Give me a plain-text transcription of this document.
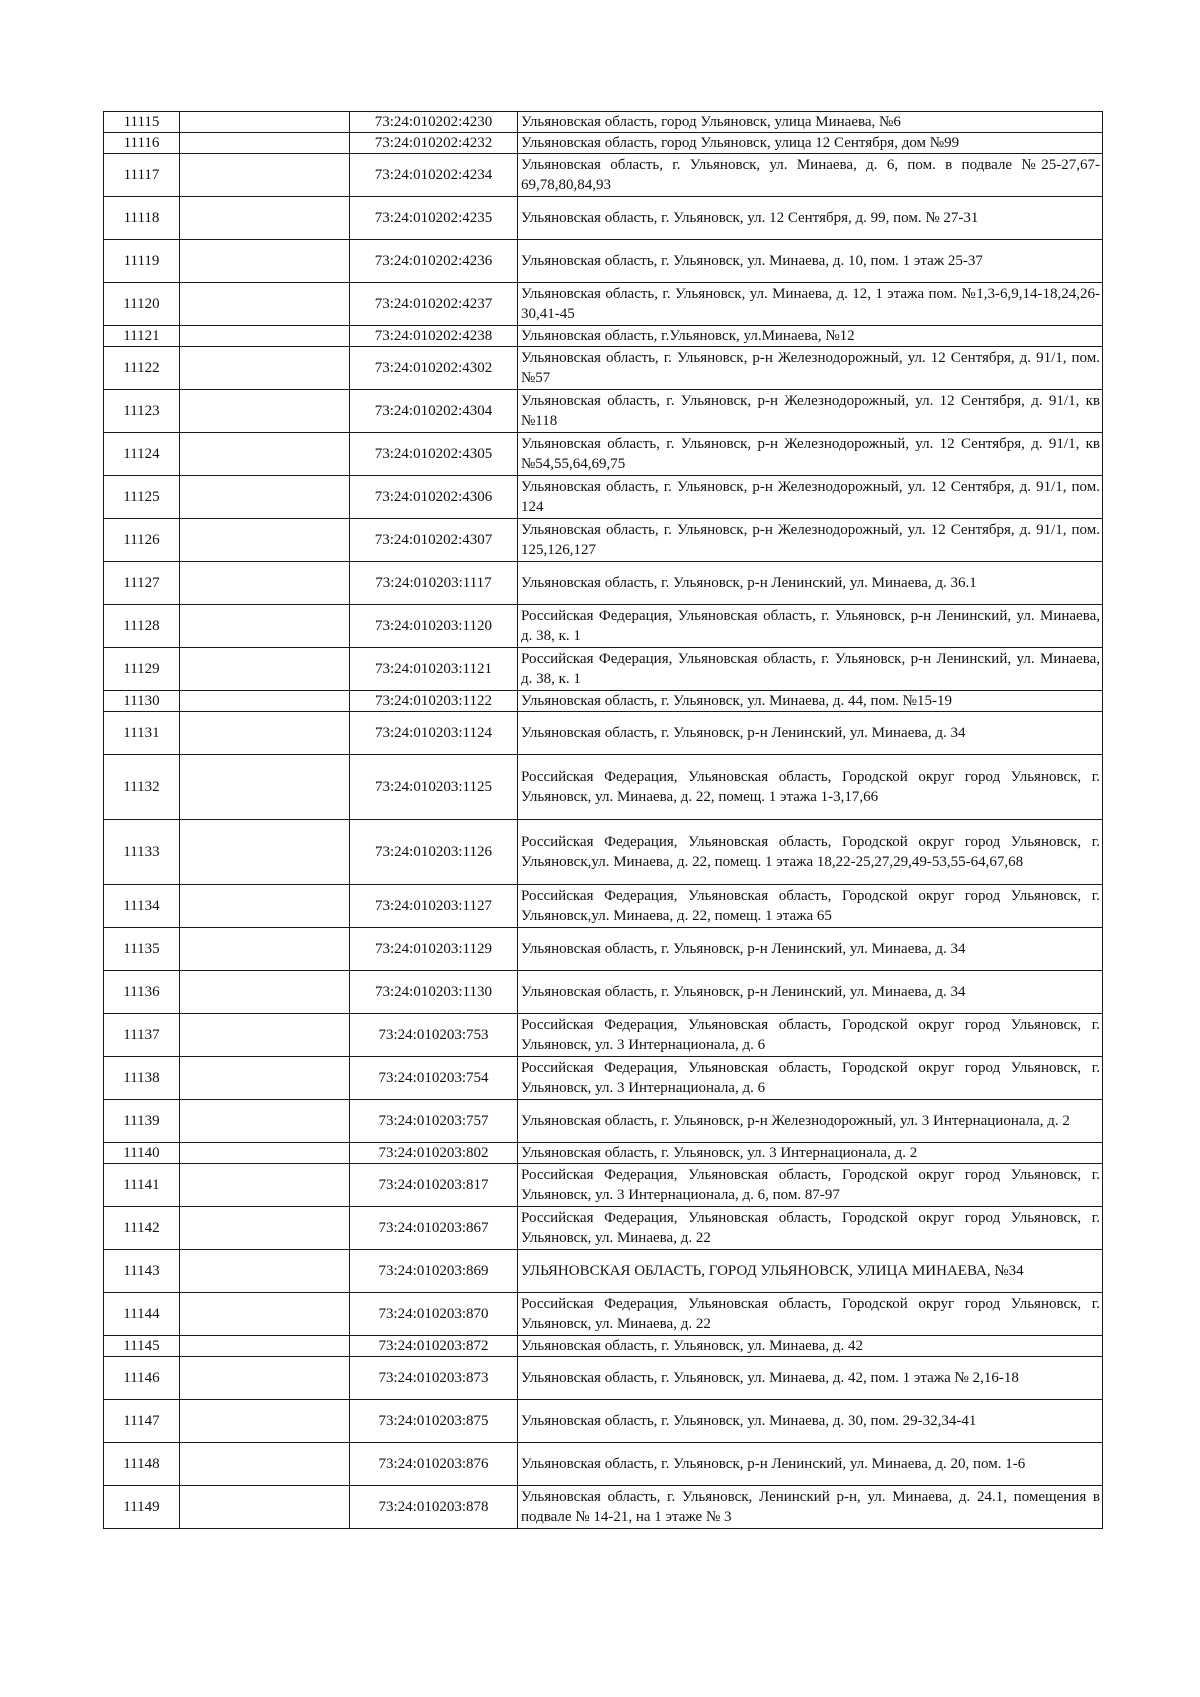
11115		73:24:010202:4230	Ульяновская область, город Ульяновск, улица Минаева, №6
11116		73:24:010202:4232	Ульяновская область, город Ульяновск, улица 12 Сентября, дом №99
11117		73:24:010202:4234	Ульяновская область, г. Ульяновск, ул. Минаева, д. 6, пом. в подвале №25-27,67-69,78,80,84,93
11118		73:24:010202:4235	Ульяновская область, г. Ульяновск, ул. 12 Сентября, д. 99, пом. № 27-31
11119		73:24:010202:4236	Ульяновская область, г. Ульяновск, ул. Минаева, д. 10, пом. 1 этаж 25-37
11120		73:24:010202:4237	Ульяновская область, г. Ульяновск, ул. Минаева, д. 12, 1 этажа пом. №1,3-6,9,14-18,24,26-30,41-45
11121		73:24:010202:4238	Ульяновская область, г.Ульяновск, ул.Минаева, №12
11122		73:24:010202:4302	Ульяновская область, г. Ульяновск, р-н Железнодорожный, ул. 12 Сентября, д. 91/1, пом. №57
11123		73:24:010202:4304	Ульяновская область, г. Ульяновск, р-н Железнодорожный, ул. 12 Сентября, д. 91/1, кв №118
11124		73:24:010202:4305	Ульяновская область, г. Ульяновск, р-н Железнодорожный, ул. 12 Сентября, д. 91/1, кв №54,55,64,69,75
11125		73:24:010202:4306	Ульяновская область, г. Ульяновск, р-н Железнодорожный, ул. 12 Сентября, д. 91/1, пом. 124
11126		73:24:010202:4307	Ульяновская область, г. Ульяновск, р-н Железнодорожный, ул. 12 Сентября, д. 91/1, пом. 125,126,127
11127		73:24:010203:1117	Ульяновская область, г. Ульяновск, р-н Ленинский, ул. Минаева, д. 36.1
11128		73:24:010203:1120	Российская Федерация, Ульяновская область, г. Ульяновск, р-н Ленинский, ул. Минаева, д. 38, к. 1
11129		73:24:010203:1121	Российская Федерация, Ульяновская область, г. Ульяновск, р-н Ленинский, ул. Минаева, д. 38, к. 1
11130		73:24:010203:1122	Ульяновская область, г. Ульяновск, ул. Минаева, д. 44, пом. №15-19
11131		73:24:010203:1124	Ульяновская область, г. Ульяновск, р-н Ленинский, ул. Минаева, д. 34
11132		73:24:010203:1125	Российская Федерация, Ульяновская область, Городской округ город Ульяновск, г. Ульяновск, ул. Минаева, д. 22, помещ. 1 этажа 1-3,17,66
11133		73:24:010203:1126	Российская Федерация, Ульяновская область, Городской округ город Ульяновск, г. Ульяновск,ул. Минаева, д. 22, помещ. 1 этажа 18,22-25,27,29,49-53,55-64,67,68
11134		73:24:010203:1127	Российская Федерация, Ульяновская область, Городской округ город Ульяновск, г. Ульяновск,ул. Минаева, д. 22, помещ. 1 этажа 65
11135		73:24:010203:1129	Ульяновская область, г. Ульяновск, р-н Ленинский, ул. Минаева, д. 34
11136		73:24:010203:1130	Ульяновская область, г. Ульяновск, р-н Ленинский, ул. Минаева, д. 34
11137		73:24:010203:753	Российская Федерация, Ульяновская область, Городской округ город Ульяновск, г. Ульяновск, ул. 3 Интернационала, д. 6
11138		73:24:010203:754	Российская Федерация, Ульяновская область, Городской округ город Ульяновск, г. Ульяновск, ул. 3 Интернационала, д. 6
11139		73:24:010203:757	Ульяновская область, г. Ульяновск, р-н Железнодорожный, ул. 3 Интернационала, д. 2
11140		73:24:010203:802	Ульяновская область, г. Ульяновск, ул. 3 Интернационала, д. 2
11141		73:24:010203:817	Российская Федерация, Ульяновская область, Городской округ город Ульяновск, г. Ульяновск, ул. 3 Интернационала, д. 6, пом. 87-97
11142		73:24:010203:867	Российская Федерация, Ульяновская область, Городской округ город Ульяновск, г. Ульяновск, ул. Минаева, д. 22
11143		73:24:010203:869	УЛЬЯНОВСКАЯ ОБЛАСТЬ, ГОРОД УЛЬЯНОВСК, УЛИЦА МИНАЕВА, №34
11144		73:24:010203:870	Российская Федерация, Ульяновская область, Городской округ город Ульяновск, г. Ульяновск, ул. Минаева, д. 22
11145		73:24:010203:872	Ульяновская область, г. Ульяновск, ул. Минаева, д. 42
11146		73:24:010203:873	Ульяновская область, г. Ульяновск, ул. Минаева, д. 42, пом. 1 этажа № 2,16-18
11147		73:24:010203:875	Ульяновская область, г. Ульяновск, ул. Минаева, д. 30, пом. 29-32,34-41
11148		73:24:010203:876	Ульяновская область, г. Ульяновск, р-н Ленинский, ул. Минаева, д. 20, пом. 1-6
11149		73:24:010203:878	Ульяновская область, г. Ульяновск, Ленинский р-н, ул. Минаева, д. 24.1, помещения в подвале № 14-21, на 1 этаже № 3
